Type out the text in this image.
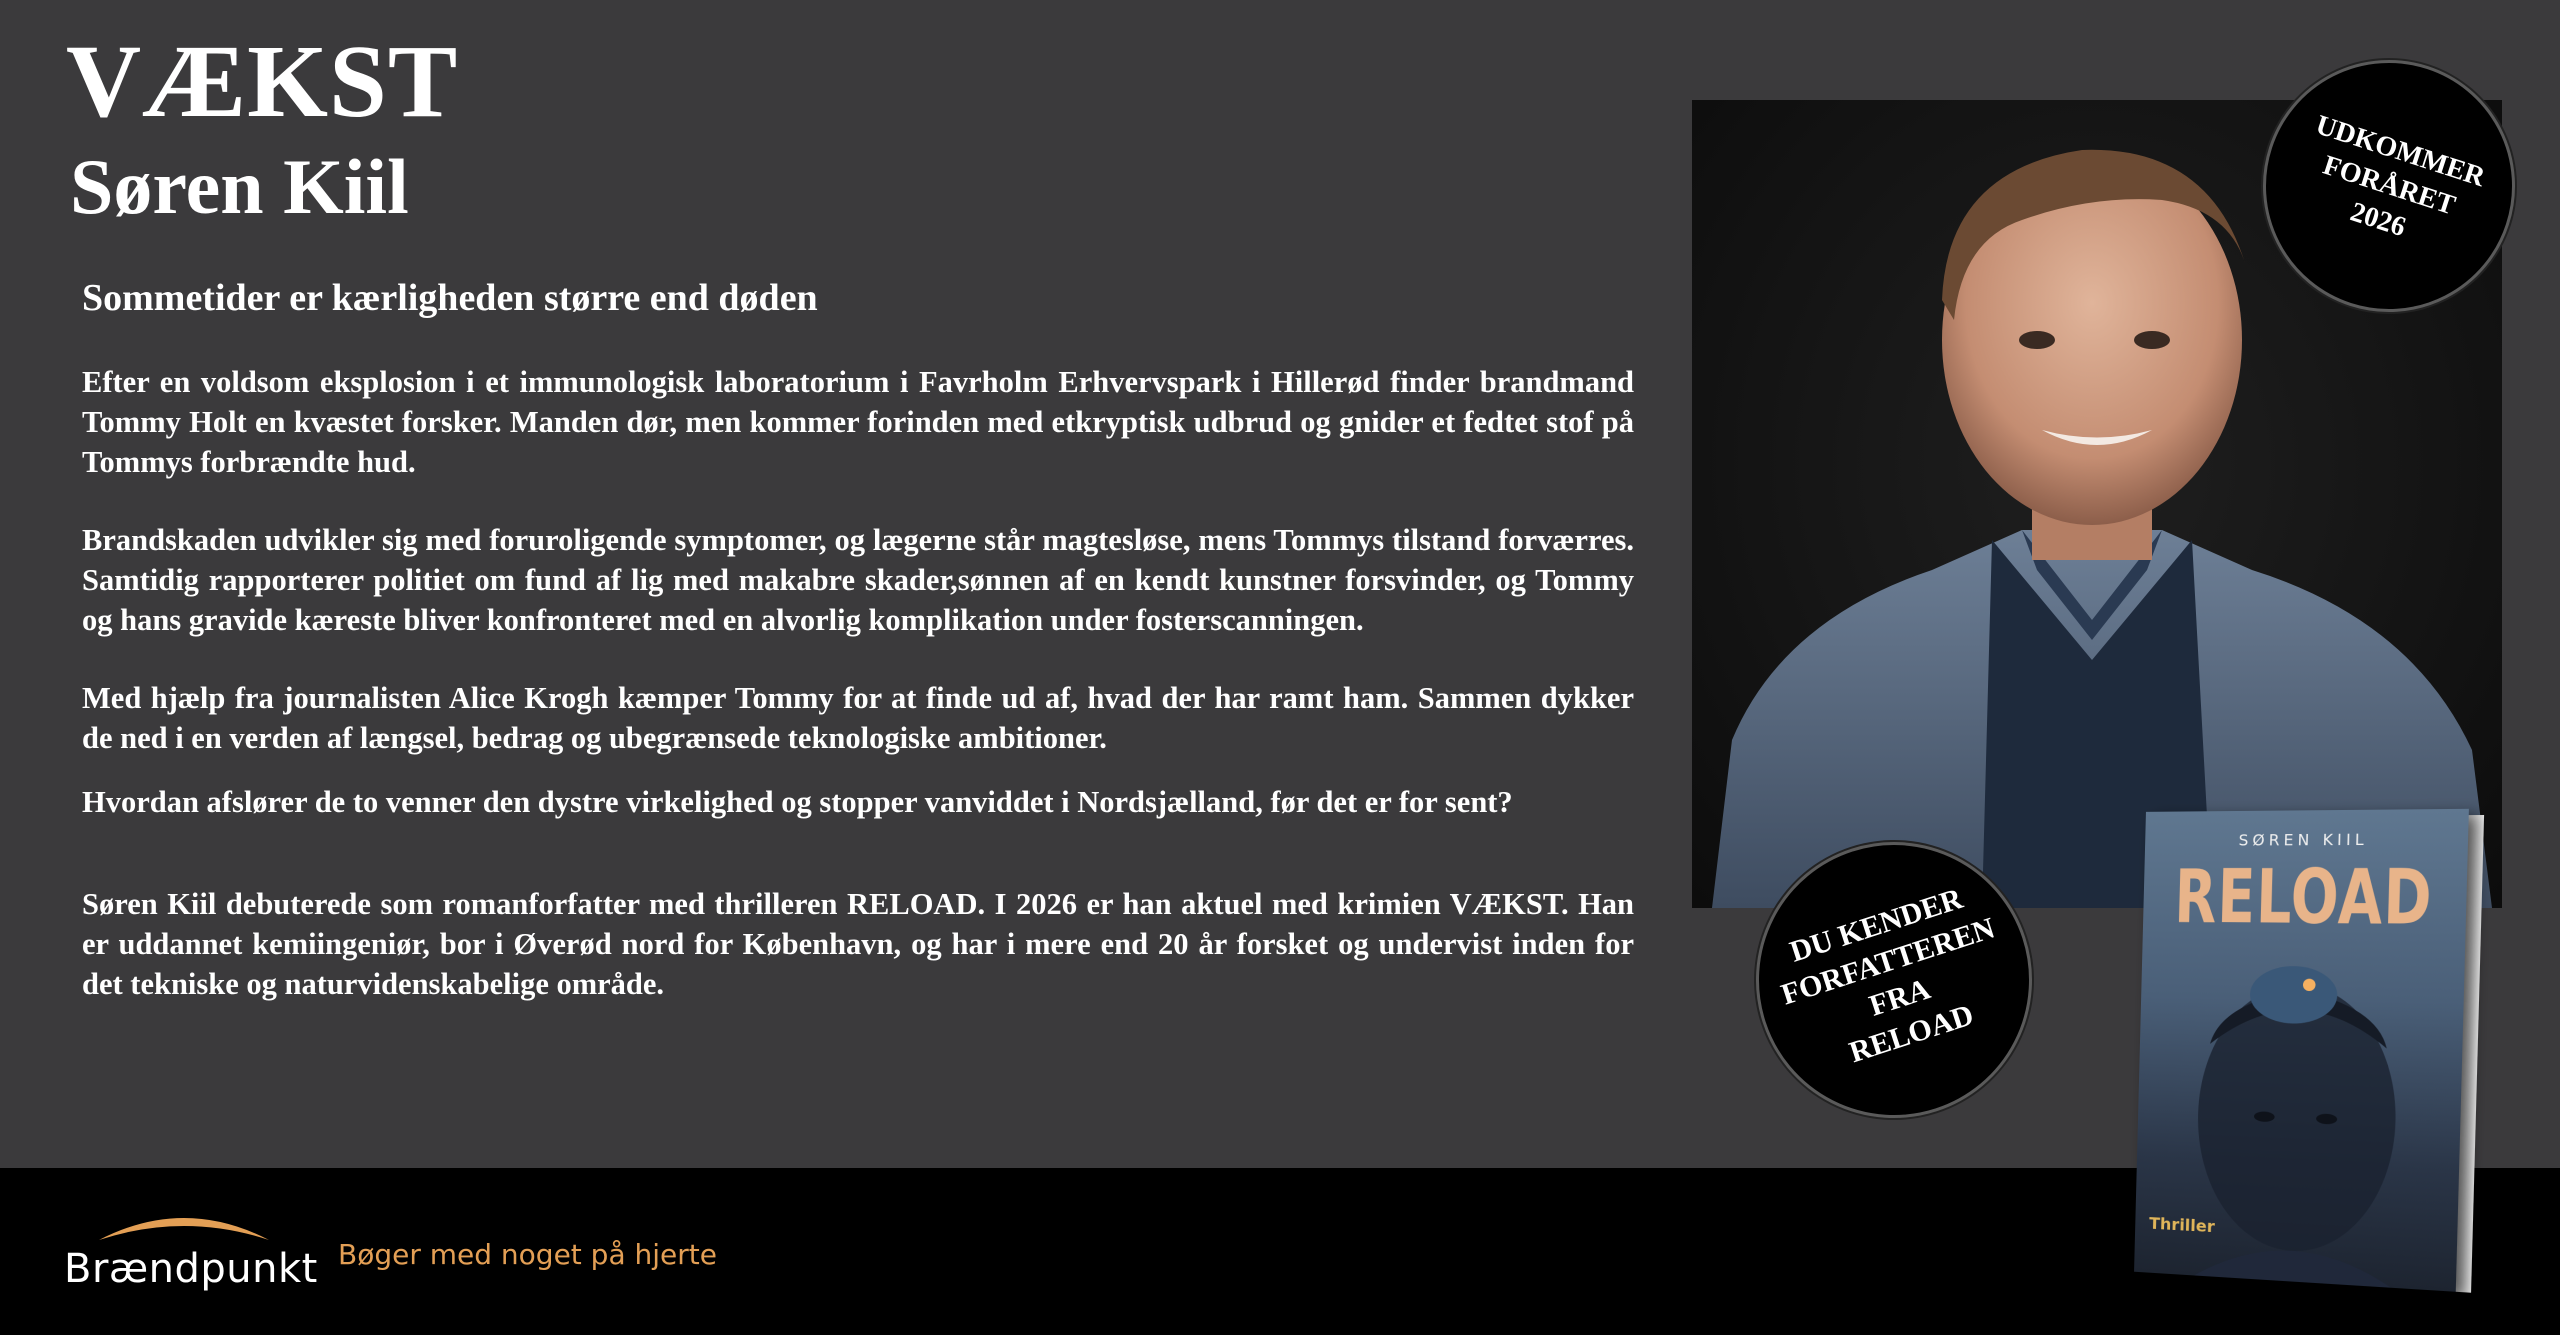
VÆKST
Søren Kiil
Sommetider er kærligheden større end døden

Efter en voldsom eksplosion i et immunologisk laboratorium i Favrholm Erhvervspark i Hillerød finder brandmand Tommy Holt en kvæstet forsker. Manden dør, men kommer forinden med etkryptisk udbrud og gnider et fedtet stof på Tommys forbrændte hud.

Brandskaden udvikler sig med foruroligende symptomer, og lægerne står magtesløse, mens Tommys tilstand forværres. Samtidig rapporterer politiet om fund af lig med makabre skader,sønnen af en kendt kunstner forsvinder, og Tommy og hans gravide kæreste bliver konfronteret med en alvorlig komplikation under fosterscanningen.

Med hjælp fra journalisten Alice Krogh kæmper Tommy for at finde ud af, hvad der har ramt ham. Sammen dykker de ned i en verden af længsel, bedrag og ubegrænsede teknologiske ambitioner.

Hvordan afslører de to venner den dystre virkelighed og stopper vanviddet i Nordsjælland, før det er for sent?

Søren Kiil debuterede som romanforfatter med thrilleren RELOAD. I 2026 er han aktuel med krimien VÆKST. Han er uddannet kemiingeniør, bor i Øverød nord for København, og har i mere end 20 år forsket og undervist inden for det tekniske og naturvidenskabelige område.

UDKOMMER
FORÅRET
2026
DU KENDER
FORFATTEREN
FRA
RELOAD
Brændpunkt Bøger med noget på hjerte
SØREN KIIL
RELOAD
Thriller
